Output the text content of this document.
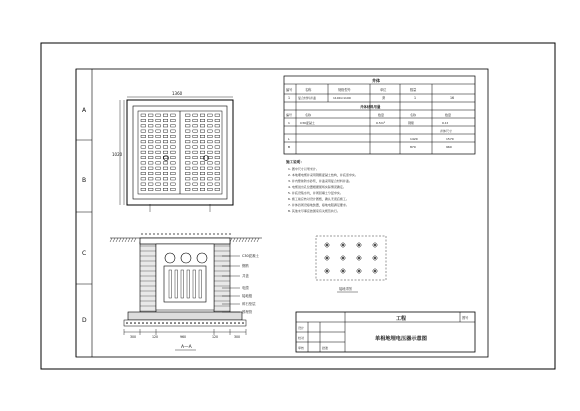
A
B
C
D
1360
1020
C30混凝土
钢筋
井盖
电缆
接地极
碎石垫层
预埋管
300	120	960	120	300
A—A
井体
编号	名称	规格型号	单位	数量
1	复合材料井盖	1100×1100	套	1	16
井体材料用量
编号	名称	数量	名称	数量
1	C30混凝土	0.5m³	钢筋	0.1t
井体尺寸
L	1420	1570
B	870	960
施工说明：
1. 图中尺寸以毫米计。
2. 本地埋电缆井采用钢筋混凝土结构，井底需夯实。
3. 井内壁抹防水砂浆，井盖采用复合材料井盖。
4. 电缆进出孔位置根据现场实际情况确定。
5. 井底设集水坑，井周回填土分层夯实。
6. 施工前应核对设计图纸，确认无误后施工。
7. 井体四周设接地装置，接地电阻满足要求。
8. 其他未尽事宜按国家有关规范执行。
接地详图
工程	图号
单相地埋电压器示意图
设计
校对
审核	批准
